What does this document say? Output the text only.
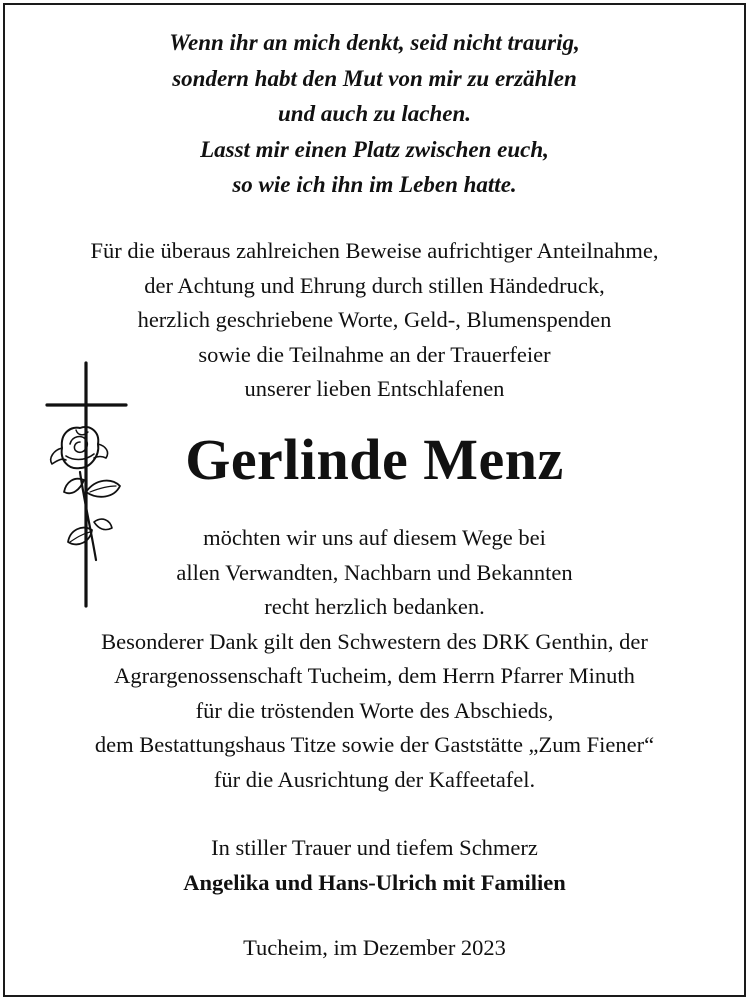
Wenn ihr an mich denkt, seid nicht traurig,
sondern habt den Mut von mir zu erzählen
und auch zu lachen.
Lasst mir einen Platz zwischen euch,
so wie ich ihn im Leben hatte.
Für die überaus zahlreichen Beweise aufrichtiger Anteilnahme,
der Achtung und Ehrung durch stillen Händedruck,
herzlich geschriebene Worte, Geld-, Blumenspenden
sowie die Teilnahme an der Trauerfeier
unserer lieben Entschlafenen
Gerlinde Menz
möchten wir uns auf diesem Wege bei
allen Verwandten, Nachbarn und Bekannten
recht herzlich bedanken.
Besonderer Dank gilt den Schwestern des DRK Genthin, der
Agrargenossenschaft Tucheim, dem Herrn Pfarrer Minuth
für die tröstenden Worte des Abschieds,
dem Bestattungshaus Titze sowie der Gaststätte „Zum Fiener“
für die Ausrichtung der Kaffeetafel.
In stiller Trauer und tiefem Schmerz
Angelika und Hans-Ulrich mit Familien
Tucheim, im Dezember 2023
